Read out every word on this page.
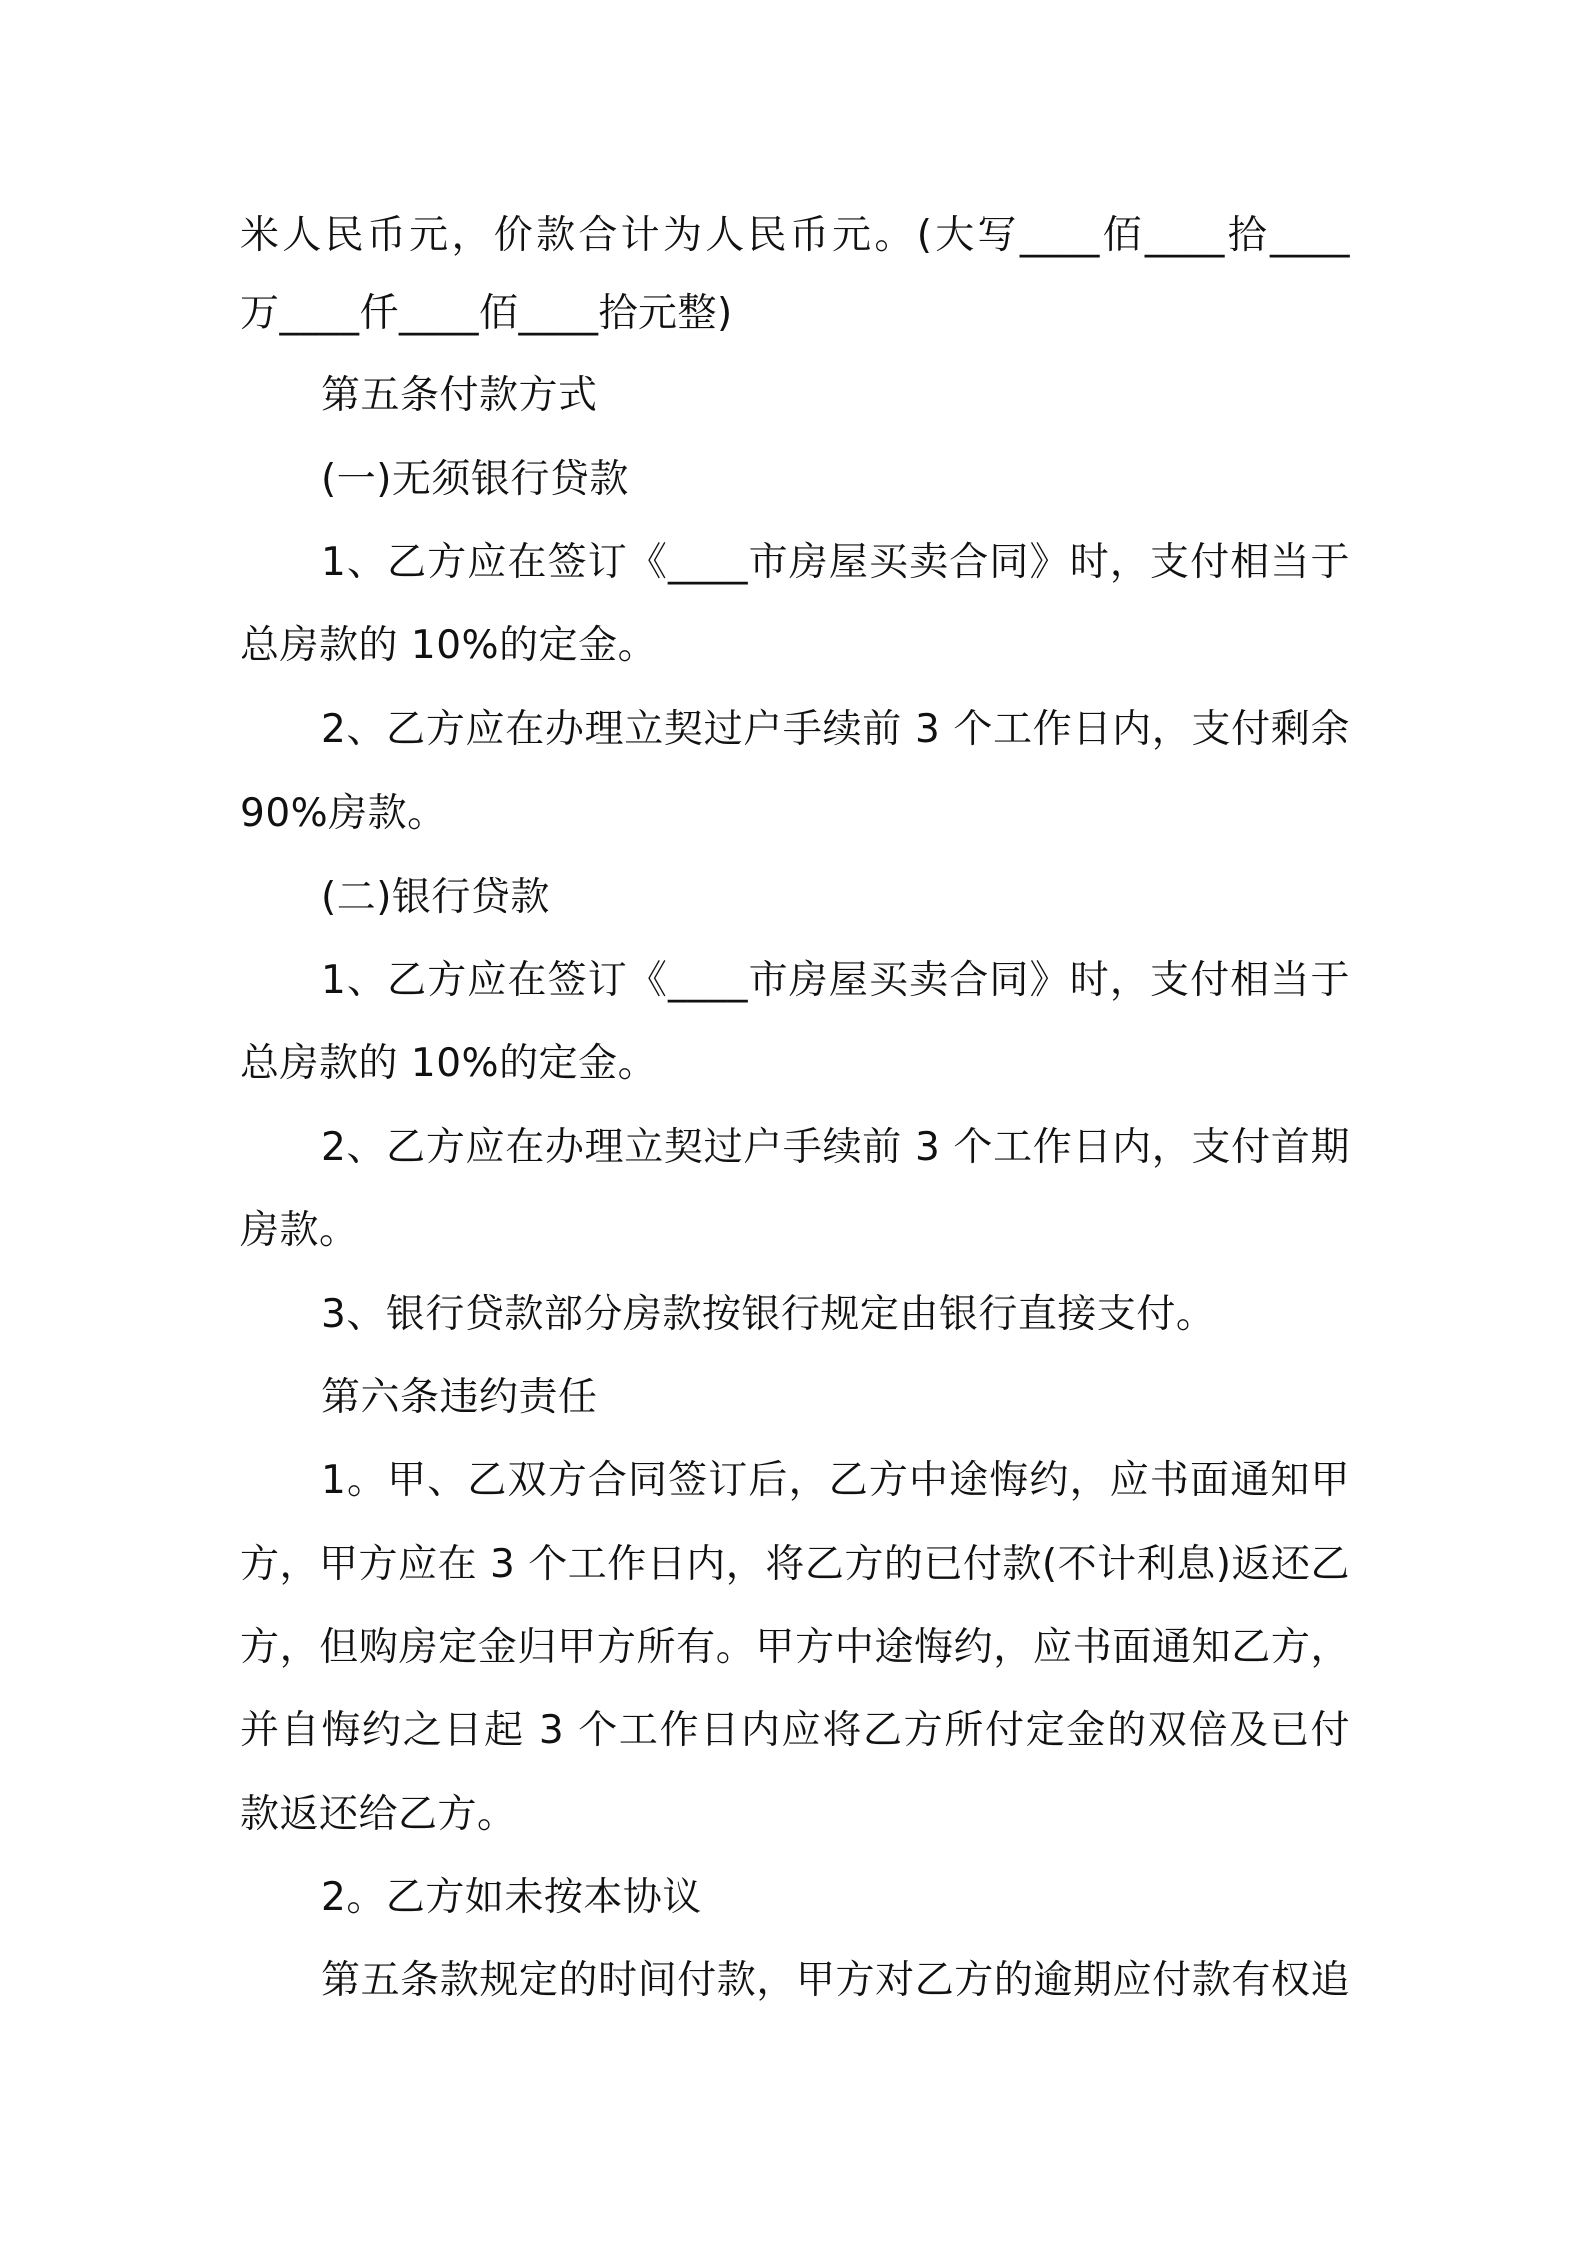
米人民币元，价款合计为人民币元。(大写____佰____拾____
万____仟____佰____拾元整)
第五条付款方式
(一)无须银行贷款
1、乙方应在签订《____市房屋买卖合同》时，支付相当于
总房款的 10%的定金。
2、乙方应在办理立契过户手续前 3 个工作日内，支付剩余
90%房款。
(二)银行贷款
1、乙方应在签订《____市房屋买卖合同》时，支付相当于
总房款的 10%的定金。
2、乙方应在办理立契过户手续前 3 个工作日内，支付首期
房款。
3、银行贷款部分房款按银行规定由银行直接支付。
第六条违约责任
1。甲、乙双方合同签订后，乙方中途悔约，应书面通知甲
方，甲方应在 3 个工作日内，将乙方的已付款(不计利息)返还乙
方，但购房定金归甲方所有。甲方中途悔约，应书面通知乙方，
并自悔约之日起 3 个工作日内应将乙方所付定金的双倍及已付
款返还给乙方。
2。乙方如未按本协议
第五条款规定的时间付款，甲方对乙方的逾期应付款有权追
